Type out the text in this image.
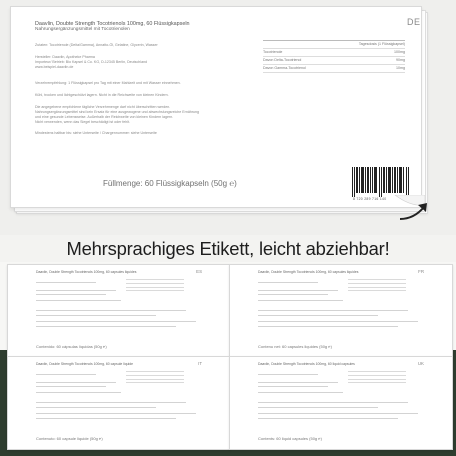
Daavlin, Doubte Strength Tocotrienols 100mg, 60 Flüssigkapseln
Nahrungsergänzungsmittel mit Tocotrienolen
DE
Zutaten: Tocotrienole (Delta/Gamma), Annatto-Öl, Gelatine, Glycerin, Wasser
Hersteller: Daavlin, Apotheke Pharma
Importeur/ Betrieb: Bio Kapsel & Co. KG, D-12345 Berlin, Deutschland
www.beispiel-daavlin.de
Verzehrempfehlung: 1 Flüssigkapsel pro Tag mit einer Mahlzeit und mit Wasser einnehmen.
Kühl, trocken und lichtgeschützt lagern. Nicht in die Reichweite von kleinen Kindern.
Die angegebene empfohlene tägliche Verzehrmenge darf nicht überschritten werden.
Nahrungsergänzungsmittel sind kein Ersatz für eine ausgewogene und abwechslungsreiche Ernährung
und eine gesunde Lebensweise. Außerhalb der Reichweite von kleinen Kindern lagern.
Nicht verwenden, wenn das Siegel beschädigt ist oder fehlt.
Mindestens haltbar bis: siehe Unterseite / Chargennummer: siehe Unterseite
Tagesdosis (1 Flüssigkapsel)
Tocotrienole	100mg
Davon Delta-Tocotrienol	90mg
Davon Gamma-Tocotrienol	10mg
Füllmenge: 60 Flüssigkapseln (50g ℮)
8 720 289 716 140
Mehrsprachiges Etikett, leicht abziehbar!
Daavlin, Double Strength Tocotrienols 100mg, 60 capsules liquides	ES
Contenido: 60 cápsulas líquidas (50g ℮)
Daavlin, Double Strength Tocotrienols 100mg, 60 capsules liquides	FR
Contenu net: 60 capsules liquides (50g ℮)
Daavlin, Double Strength Tocotrienols 100mg, 60 capsule liquide	IT
Contenuto: 60 capsule liquide (50g ℮)
Daavlin, Double Strength Tocotrienols 100mg, 60 liquid capsules	UK
Contents: 60 liquid capsules (50g ℮)
